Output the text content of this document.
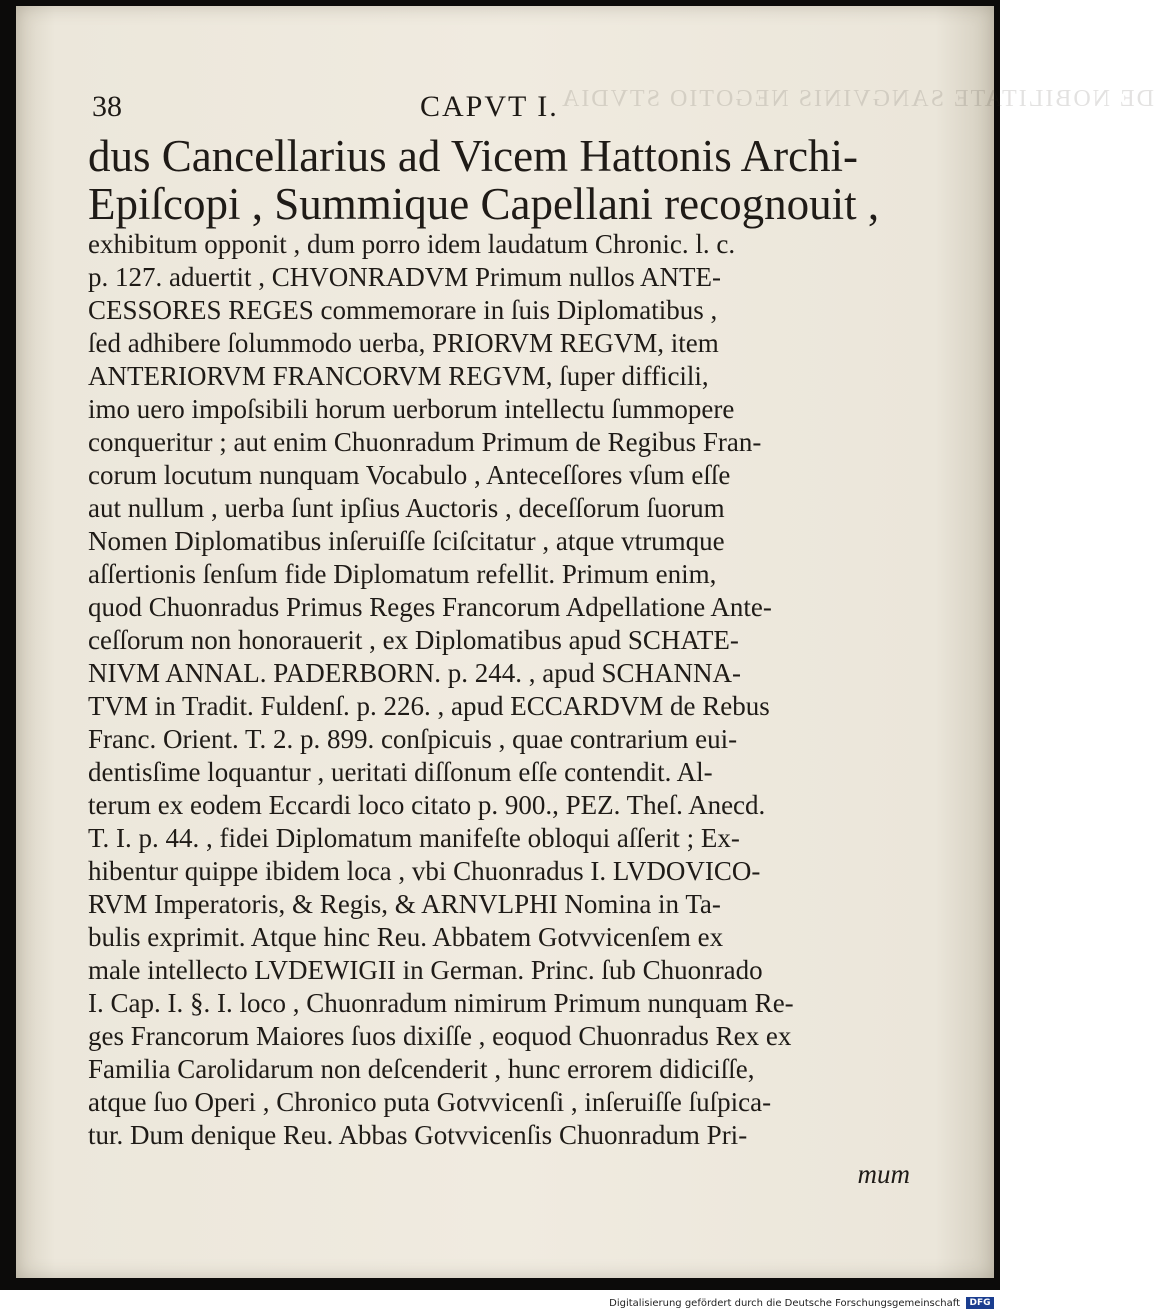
DE NOBILITATE SANGVINIS NEGOTIO STVDIA
38	CAPVT I.
dus Cancellarius ad Vicem Hattonis Archi-
Epiſcopi , Summique Capellani recognouit ,
exhibitum opponit , dum porro idem laudatum Chronic. l. c.
p. 127. aduertit , CHVONRADVM Primum nullos ANTE-
CESSORES REGES commemorare in ſuis Diplomatibus ,
ſed adhibere ſolummodo uerba, PRIORVM REGVM, item
ANTERIORVM FRANCORVM REGVM, ſuper difficili,
imo uero impoſsibili horum uerborum intellectu ſummopere
conqueritur ; aut enim Chuonradum Primum de Regibus Fran-
corum locutum nunquam Vocabulo , Anteceſſores vſum eſſe
aut nullum , uerba ſunt ipſius Auctoris , deceſſorum ſuorum
Nomen Diplomatibus inſeruiſſe ſciſcitatur , atque vtrumque
aſſertionis ſenſum fide Diplomatum refellit. Primum enim,
quod Chuonradus Primus Reges Francorum Adpellatione Ante-
ceſſorum non honorauerit , ex Diplomatibus apud SCHATE-
NIVM ANNAL. PADERBORN. p. 244. , apud SCHANNA-
TVM in Tradit. Fuldenſ. p. 226. , apud ECCARDVM de Rebus
Franc. Orient. T. 2. p. 899. conſpicuis , quae contrarium eui-
dentisſime loquantur , ueritati diſſonum eſſe contendit. Al-
terum ex eodem Eccardi loco citato p. 900., PEZ. Theſ. Anecd.
T. I. p. 44. , fidei Diplomatum manifeſte obloqui aſſerit ; Ex-
hibentur quippe ibidem loca , vbi Chuonradus I. LVDOVICO-
RVM Imperatoris, & Regis, & ARNVLPHI Nomina in Ta-
bulis exprimit. Atque hinc Reu. Abbatem Gotvvicenſem ex
male intellecto LVDEWIGII in German. Princ. ſub Chuonrado
I. Cap. I. §. I. loco , Chuonradum nimirum Primum nunquam Re-
ges Francorum Maiores ſuos dixiſſe , eoquod Chuonradus Rex ex
Familia Carolidarum non deſcenderit , hunc errorem didiciſſe,
atque ſuo Operi , Chronico puta Gotvvicenſi , inſeruiſſe ſuſpica-
tur. Dum denique Reu. Abbas Gotvvicenſis Chuonradum Pri-
mum
Digitalisierung gefördert durch die Deutsche Forschungsgemeinschaft	DFG
